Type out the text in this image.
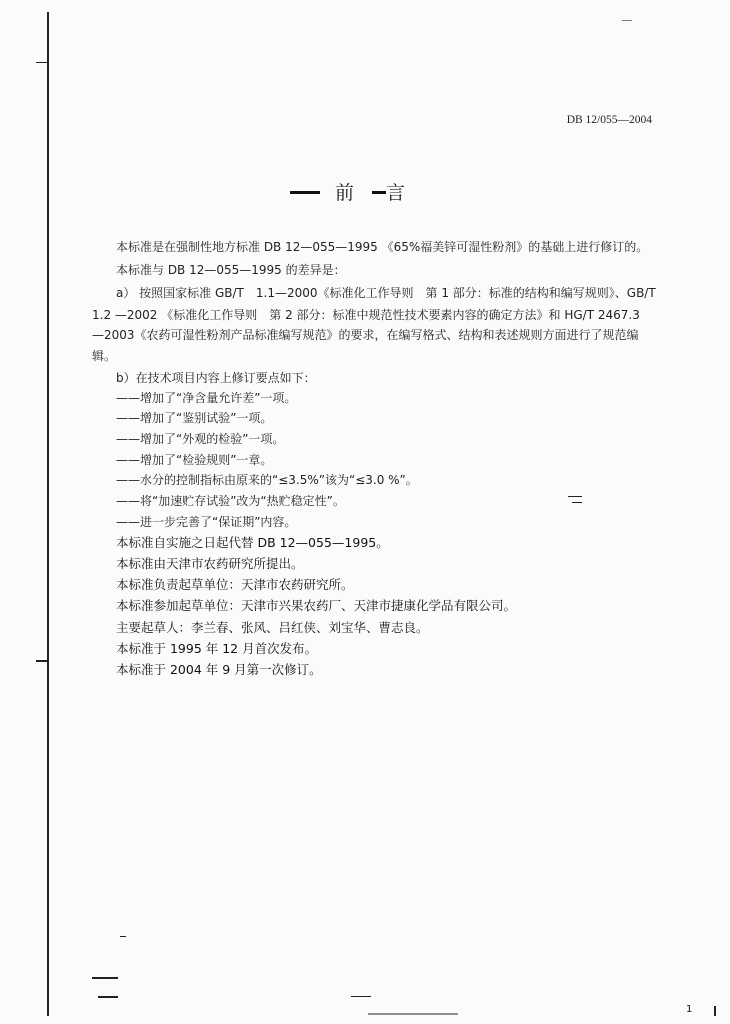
DB 12/055—2004
前 言
本标准是在强制性地方标准 DB 12—055—1995 《65%福美锌可湿性粉剂》的基础上进行修订的。
本标准与 DB 12—055—1995 的差异是：
a） 按照国家标准 GB/T　1.1—2000《标准化工作导则　第 1 部分：标准的结构和编写规则》、GB/T
1.2 —2002 《标准化工作导则　第 2 部分：标准中规范性技术要素内容的确定方法》和 HG/T 2467.3
—2003《农药可湿性粉剂产品标准编写规范》的要求，在编写格式、结构和表述规则方面进行了规范编
辑。
b）在技术项目内容上修订要点如下：
——增加了“净含量允许差”一项。
——增加了“鉴别试验”一项。
——增加了“外观的检验”一项。
——增加了“检验规则”一章。
——水分的控制指标由原来的“≤3.5%”该为“≤3.0 %”。
——将“加速贮存试验”改为“热贮稳定性”。
——进一步完善了“保证期”内容。
本标准自实施之日起代替 DB 12—055—1995。
本标准由天津市农药研究所提出。
本标准负责起草单位：天津市农药研究所。
本标准参加起草单位：天津市兴果农药厂、天津市捷康化学品有限公司。
主要起草人：李兰春、张风、吕红侠、刘宝华、曹志良。
本标准于 1995 年 12 月首次发布。
本标准于 2004 年 9 月第一次修订。
1
